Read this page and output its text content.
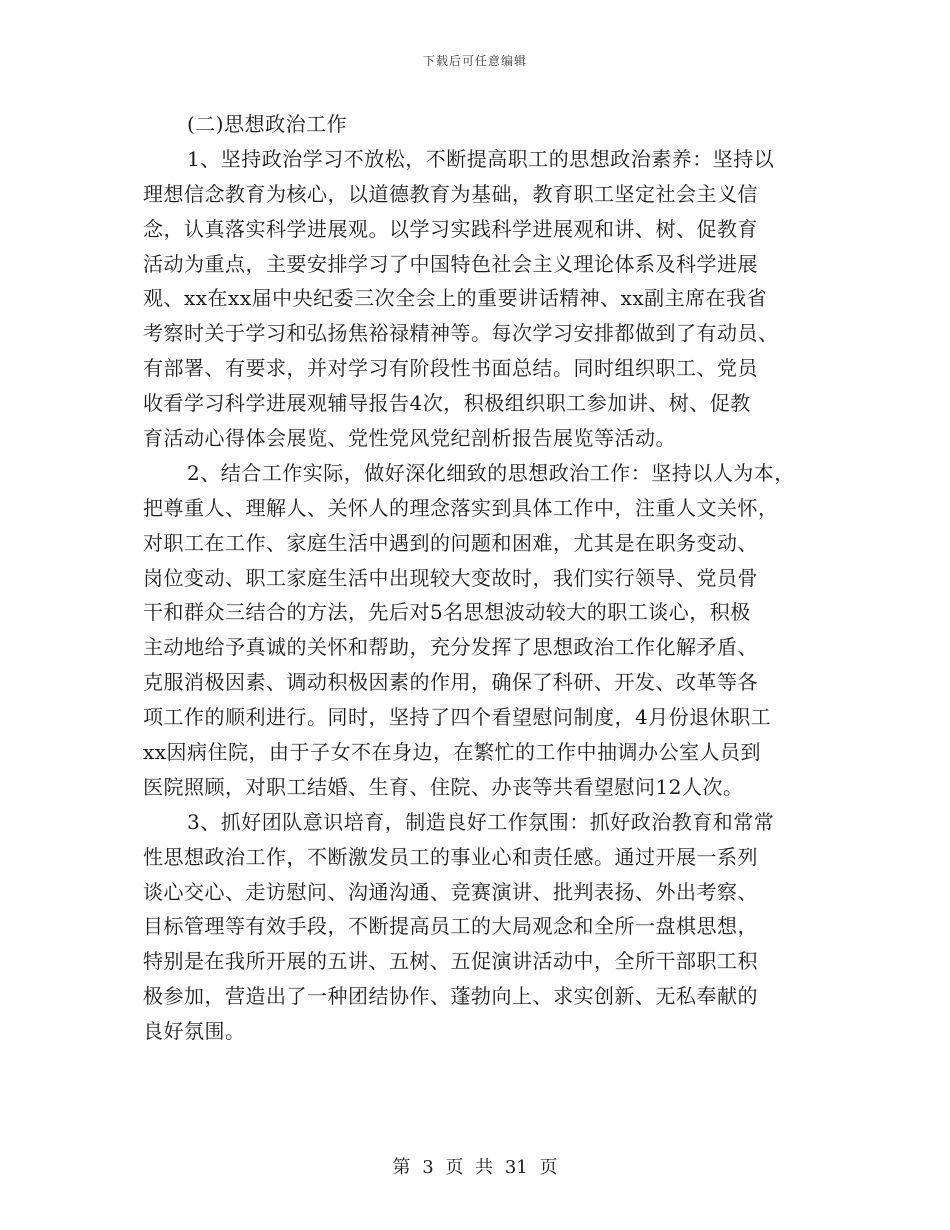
下载后可任意编辑
(二)思想政治工作
1、坚持政治学习不放松，不断提高职工的思想政治素养：坚持以
理想信念教育为核心，以道德教育为基础，教育职工坚定社会主义信
念，认真落实科学进展观。以学习实践科学进展观和讲、树、促教育
活动为重点，主要安排学习了中国特色社会主义理论体系及科学进展
观、xx在xx届中央纪委三次全会上的重要讲话精神、xx副主席在我省
考察时关于学习和弘扬焦裕禄精神等。每次学习安排都做到了有动员、
有部署、有要求，并对学习有阶段性书面总结。同时组织职工、党员
收看学习科学进展观辅导报告4次，积极组织职工参加讲、树、促教
育活动心得体会展览、党性党风党纪剖析报告展览等活动。
2、结合工作实际，做好深化细致的思想政治工作：坚持以人为本，
把尊重人、理解人、关怀人的理念落实到具体工作中，注重人文关怀，
对职工在工作、家庭生活中遇到的问题和困难，尤其是在职务变动、
岗位变动、职工家庭生活中出现较大变故时，我们实行领导、党员骨
干和群众三结合的方法，先后对5名思想波动较大的职工谈心，积极
主动地给予真诚的关怀和帮助，充分发挥了思想政治工作化解矛盾、
克服消极因素、调动积极因素的作用，确保了科研、开发、改革等各
项工作的顺利进行。同时，坚持了四个看望慰问制度，4月份退休职工
xx因病住院，由于子女不在身边，在繁忙的工作中抽调办公室人员到
医院照顾，对职工结婚、生育、住院、办丧等共看望慰问12人次。
3、抓好团队意识培育，制造良好工作氛围：抓好政治教育和常常
性思想政治工作，不断激发员工的事业心和责任感。通过开展一系列
谈心交心、走访慰问、沟通沟通、竞赛演讲、批判表扬、外出考察、
目标管理等有效手段，不断提高员工的大局观念和全所一盘棋思想，
特别是在我所开展的五讲、五树、五促演讲活动中，全所干部职工积
极参加，营造出了一种团结协作、蓬勃向上、求实创新、无私奉献的
良好氛围。
第 3 页 共 31 页
